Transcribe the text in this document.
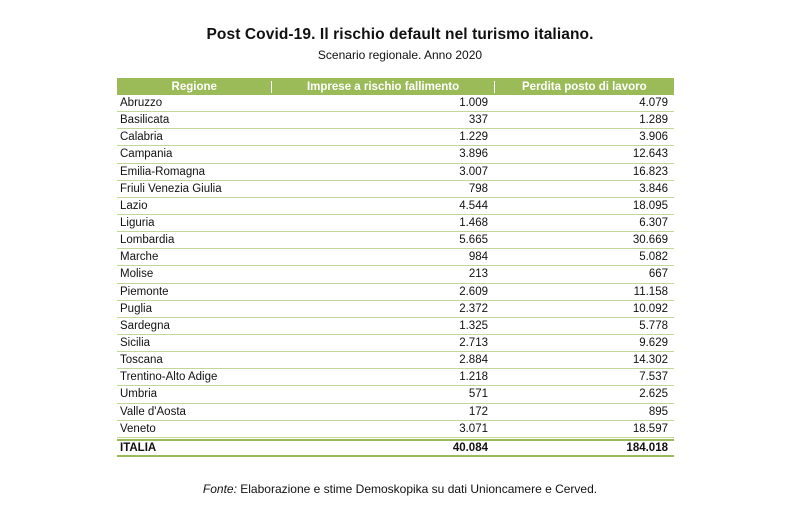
Post Covid-19. Il rischio default nel turismo italiano.
Scenario regionale. Anno 2020
Regione	Imprese a rischio fallimento	Perdita posto di lavoro
Abruzzo	1.009	4.079
Basilicata	337	1.289
Calabria	1.229	3.906
Campania	3.896	12.643
Emilia-Romagna	3.007	16.823
Friuli Venezia Giulia	798	3.846
Lazio	4.544	18.095
Liguria	1.468	6.307
Lombardia	5.665	30.669
Marche	984	5.082
Molise	213	667
Piemonte	2.609	11.158
Puglia	2.372	10.092
Sardegna	1.325	5.778
Sicilia	2.713	9.629
Toscana	2.884	14.302
Trentino-Alto Adige	1.218	7.537
Umbria	571	2.625
Valle d'Aosta	172	895
Veneto	3.071	18.597
ITALIA	40.084	184.018
Fonte: Elaborazione e stime Demoskopika su dati Unioncamere e Cerved.
